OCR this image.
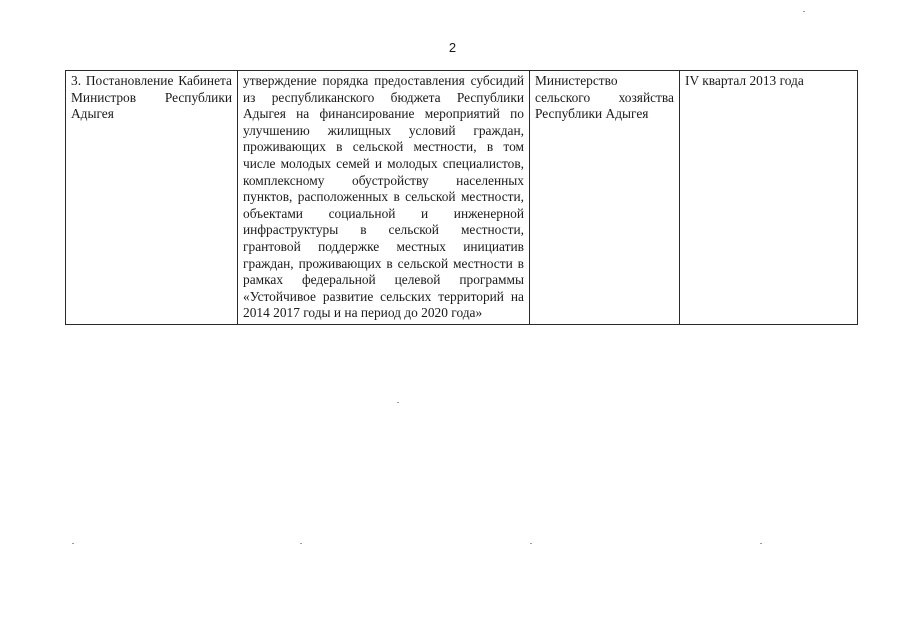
2
3. Постановление Кабинета Министров Республики Адыгея	утверждение порядка предоставления субсидий из республиканского бюджета Республики Адыгея на финансирование мероприятий по улучшению жилищных условий граждан, проживающих в сельской местности, в том числе молодых семей и молодых специалистов, комплексному обустройству населенных пунктов, расположенных в сельской местности, объектами социальной и инженерной инфраструктуры в сельской местности, грантовой поддержке местных инициатив граждан, проживающих в сельской местности в рамках федеральной целевой программы «Устойчивое развитие сельских территорий на 2014 2017 годы и на период до 2020 года»	Министерство сельского хозяйства Республики Адыгея	IV квартал 2013 года
